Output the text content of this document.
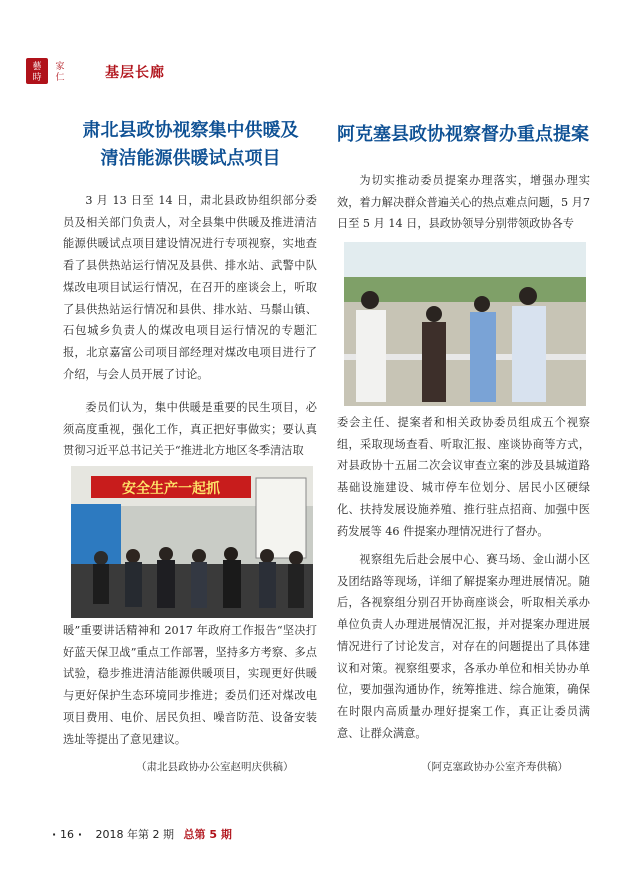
藝
時
家
仁	基层长廊
肃北县政协视察集中供暖及
清洁能源供暖试点项目

3 月 13 日至 14 日，肃北县政协组织部分委员及相关部门负责人，对全县集中供暖及推进清洁能源供暖试点项目建设情况进行专项视察，实地查看了县供热站运行情况及县供、排水站、武警中队煤改电项目试运行情况，在召开的座谈会上，听取了县供热站运行情况和县供、排水站、马鬃山镇、石包城乡负责人的煤改电项目运行情况的专题汇报，北京嘉富公司项目部经理对煤改电项目进行了介绍，与会人员开展了讨论。

委员们认为，集中供暖是重要的民生项目，必须高度重视，强化工作，真正把好事做实；要认真贯彻习近平总书记关于“推进北方地区冬季清洁取

安全生产一起抓

暖”重要讲话精神和 2017 年政府工作报告“坚决打好蓝天保卫战”重点工作部署，坚持多方考察、多点试验，稳步推进清洁能源供暖项目，实现更好供暖与更好保护生态环境同步推进；委员们还对煤改电项目费用、电价、居民负担、噪音防范、设备安装选址等提出了意见建议。

（肃北县政协办公室赵明庆供稿）
阿克塞县政协视察督办重点提案

为切实推动委员提案办理落实，增强办理实效，着力解决群众普遍关心的热点难点问题，5 月7 日至 5 月 14 日，县政协领导分别带领政协各专

委会主任、提案者和相关政协委员组成五个视察组，采取现场查看、听取汇报、座谈协商等方式，对县政协十五届二次会议审查立案的涉及县城道路基础设施建设、城市停车位划分、居民小区硬绿化、扶持发展设施养殖、推行驻点招商、加强中医药发展等 46 件提案办理情况进行了督办。

视察组先后赴会展中心、赛马场、金山湖小区及团结路等现场，详细了解提案办理进展情况。随后，各视察组分别召开协商座谈会，听取相关承办单位负责人办理进展情况汇报，并对提案办理进展情况进行了讨论发言，对存在的问题提出了具体建议和对策。视察组要求，各承办单位和相关协办单位，要加强沟通协作，统筹推进、综合施策，确保在时限内高质量办理好提案工作，真正让委员满意、让群众满意。

（阿克塞政协办公室齐寿供稿）
· 16 · 2018 年第 2 期 总第 5 期
